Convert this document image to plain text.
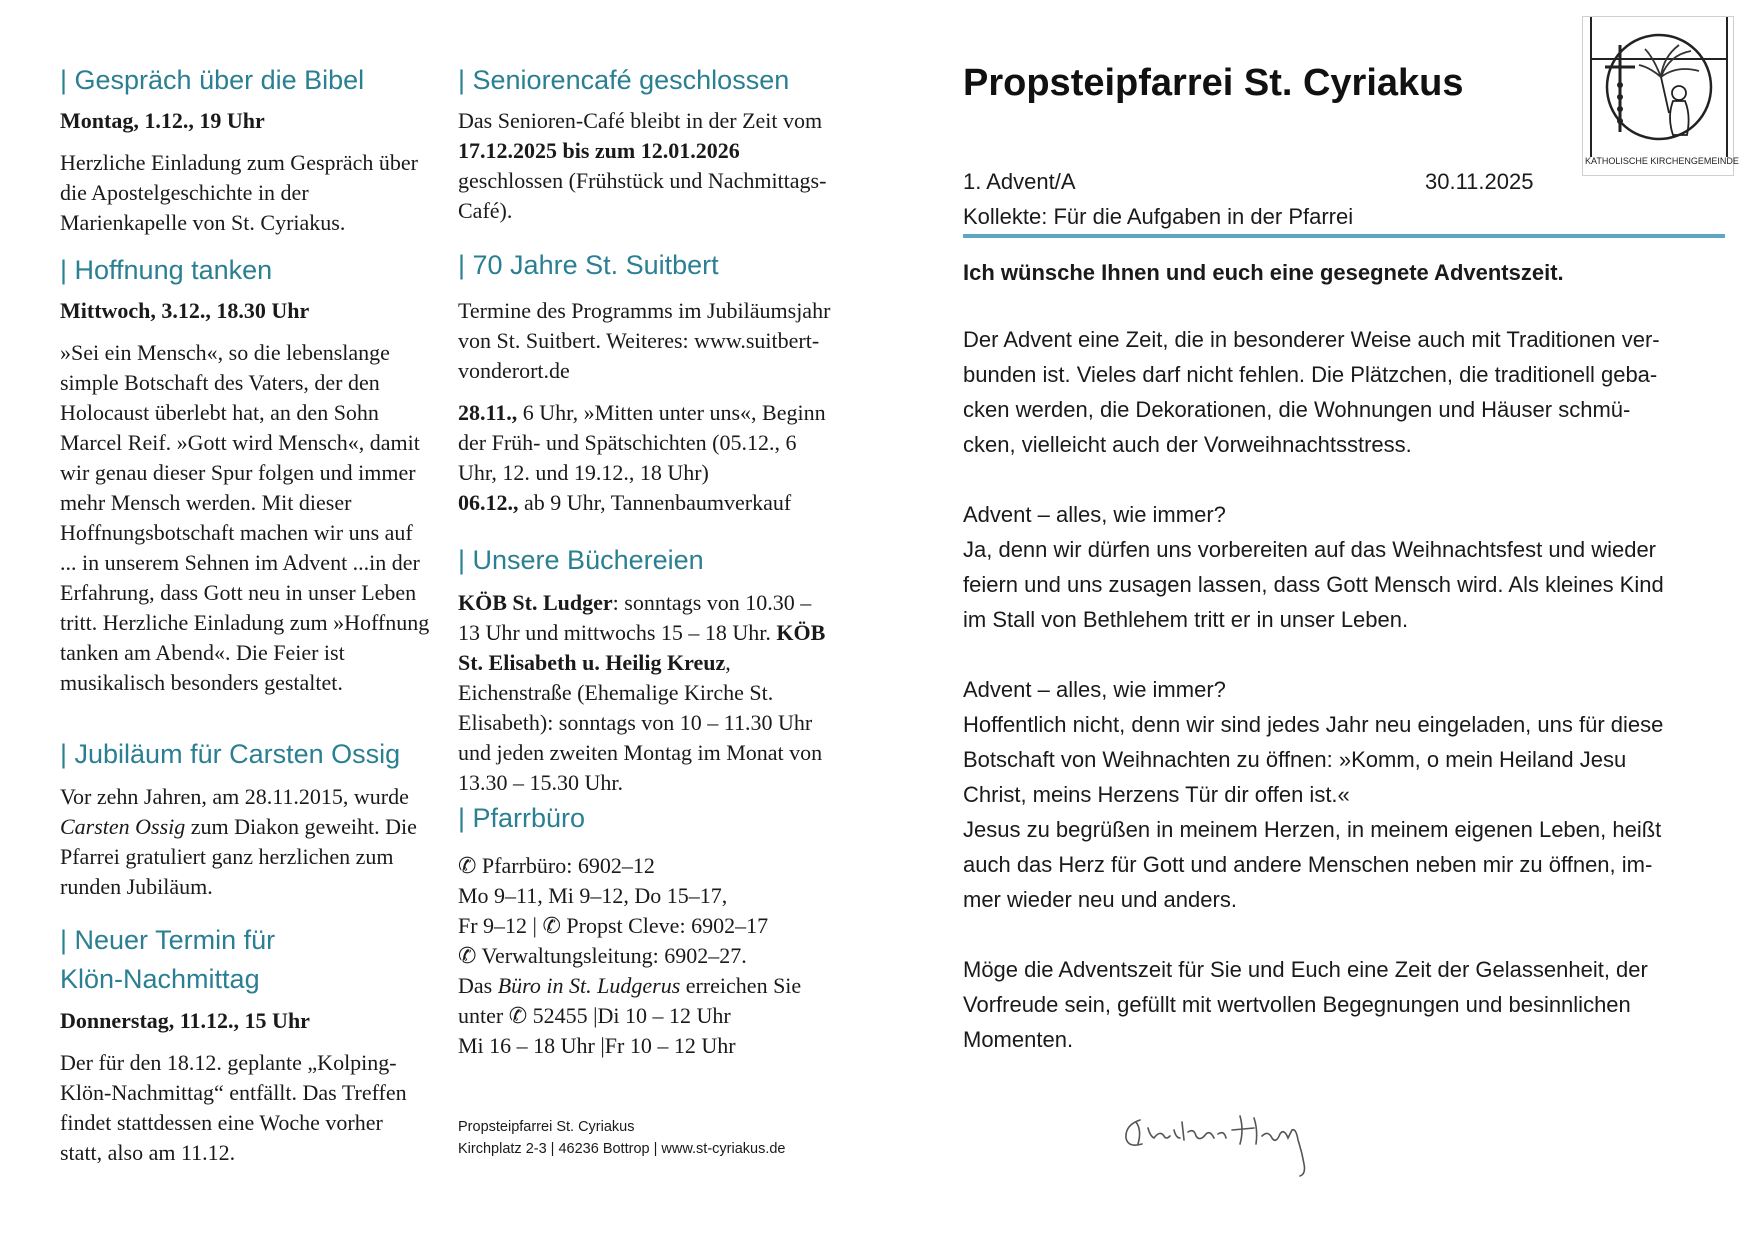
| Gespräch über die Bibel
Montag, 1.12., 19 Uhr
Herzliche Einladung zum Gespräch über die Apostelgeschichte in der Marienkapelle von St. Cyriakus.
| Hoffnung tanken
Mittwoch, 3.12., 18.30 Uhr
»Sei ein Mensch«, so die lebenslange simple Botschaft des Vaters, der den Holocaust überlebt hat, an den Sohn Marcel Reif. »Gott wird Mensch«, damit wir genau dieser Spur folgen und immer mehr Mensch werden. Mit dieser Hoffnungsbotschaft machen wir uns auf ... in unserem Sehnen im Advent ...in der Erfahrung, dass Gott neu in unser Leben tritt. Herzliche Einladung zum »Hoffnung tanken am Abend«. Die Feier ist musikalisch besonders gestaltet.
| Jubiläum für Carsten Ossig
Vor zehn Jahren, am 28.11.2015, wurde Carsten Ossig zum Diakon geweiht. Die Pfarrei gratuliert ganz herzlichen zum runden Jubiläum.
| Neuer Termin für
Klön-Nachmittag
Donnerstag, 11.12., 15 Uhr
Der für den 18.12. geplante „Kolping-Klön-Nachmittag“ entfällt. Das Treffen findet stattdessen eine Woche vorher statt, also am 11.12.
| Seniorencafé geschlossen
Das Senioren-Café bleibt in der Zeit vom 17.12.2025 bis zum 12.01.2026 geschlossen (Frühstück und Nachmittags-Café).
| 70 Jahre St. Suitbert
Termine des Programms im Jubiläumsjahr von St. Suitbert. Weiteres: www.suitbert-vonderort.de
28.11., 6 Uhr, »Mitten unter uns«, Beginn der Früh- und Spätschichten (05.12., 6 Uhr, 12. und 19.12., 18 Uhr)
06.12., ab 9 Uhr, Tannenbaumverkauf
| Unsere Büchereien
KÖB St. Ludger: sonntags von 10.30 – 13 Uhr und mittwochs 15 – 18 Uhr. KÖB St. Elisabeth u. Heilig Kreuz, Eichenstraße (Ehemalige Kirche St. Elisabeth): sonntags von 10 – 11.30 Uhr und jeden zweiten Montag im Monat von 13.30 – 15.30 Uhr.
| Pfarrbüro
✆ Pfarrbüro: 6902–12
Mo 9–11, Mi 9–12, Do 15–17,
Fr 9–12 | ✆ Propst Cleve: 6902–17
✆ Verwaltungsleitung: 6902–27.
Das Büro in St. Ludgerus erreichen Sie
unter ✆ 52455 |Di 10 – 12 Uhr
Mi 16 – 18 Uhr |Fr 10 – 12 Uhr
Propsteipfarrei St. Cyriakus
Kirchplatz 2-3 | 46236 Bottrop | www.st-cyriakus.de
Propsteipfarrei St. Cyriakus
KATHOLISCHE KIRCHENGEMEINDE
1. Advent/A	30.11.2025
Kollekte: Für die Aufgaben in der Pfarrei
Ich wünsche Ihnen und euch eine gesegnete Adventszeit.
Der Advent eine Zeit, die in besonderer Weise auch mit Traditionen ver-
bunden ist. Vieles darf nicht fehlen. Die Plätzchen, die traditionell geba-
cken werden, die Dekorationen, die Wohnungen und Häuser schmü-
cken, vielleicht auch der Vorweihnachtsstress.
Advent – alles, wie immer?
Ja, denn wir dürfen uns vorbereiten auf das Weihnachtsfest und wieder
feiern und uns zusagen lassen, dass Gott Mensch wird. Als kleines Kind
im Stall von Bethlehem tritt er in unser Leben.
Advent – alles, wie immer?
Hoffentlich nicht, denn wir sind jedes Jahr neu eingeladen, uns für diese
Botschaft von Weihnachten zu öffnen: »Komm, o mein Heiland Jesu
Christ, meins Herzens Tür dir offen ist.«
Jesus zu begrüßen in meinem Herzen, in meinem eigenen Leben, heißt
auch das Herz für Gott und andere Menschen neben mir zu öffnen, im-
mer wieder neu und anders.
Möge die Adventszeit für Sie und Euch eine Zeit der Gelassenheit, der
Vorfreude sein, gefüllt mit wertvollen Begegnungen und besinnlichen
Momenten.
